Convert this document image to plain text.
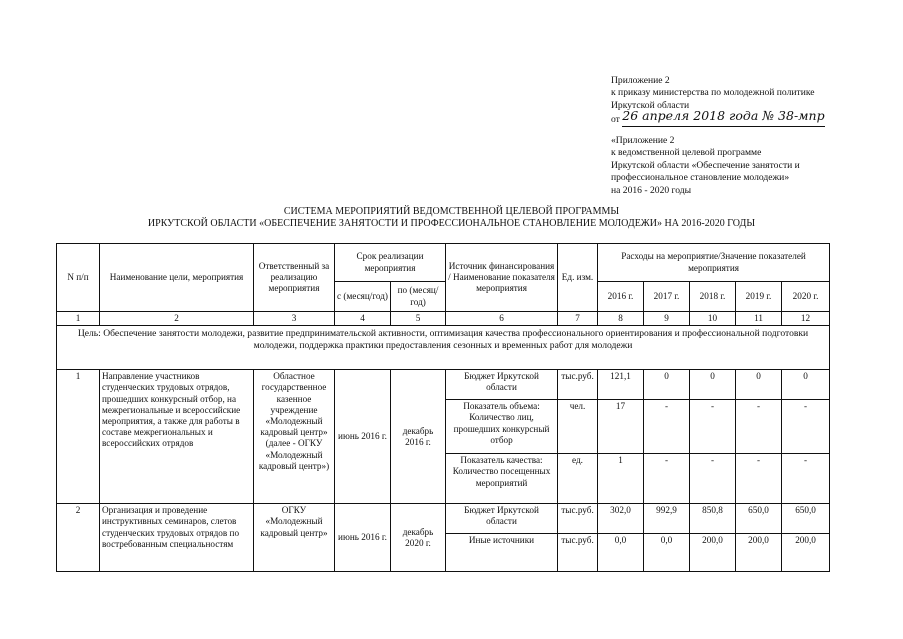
Приложение 2
к приказу министерства по молодежной политике
Иркутской области
от 26 апреля 2018 года № 38-мпр
«Приложение 2
к ведомственной целевой программе
Иркутской области «Обеспечение занятости и
профессиональное становление молодежи»
на 2016 - 2020 годы
СИСТЕМА МЕРОПРИЯТИЙ ВЕДОМСТВЕННОЙ ЦЕЛЕВОЙ ПРОГРАММЫ
ИРКУТСКОЙ ОБЛАСТИ «ОБЕСПЕЧЕНИЕ ЗАНЯТОСТИ И ПРОФЕССИОНАЛЬНОЕ СТАНОВЛЕНИЕ МОЛОДЕЖИ» НА 2016-2020 ГОДЫ
N п/п	Наименование цели, мероприятия	Ответственный за реализацию мероприятия	Срок реализации мероприятия		Источник финансирования / Наименование показателя мероприятия	Ед. изм.	Расходы на мероприятие/Значение показателей мероприятия				
			с (месяц/год)	по (месяц/год)			2016 г.	2017 г.	2018 г.	2019 г.	2020 г.
1	2	3	4	5	6	7	8	9	10	11	12
Цель: Обеспечение занятости молодежи, развитие предпринимательской активности, оптимизация качества профессионального ориентирования и профессиональной подготовки молодежи, поддержка практики предоставления сезонных и временных работ для молодежи											
1	Направление участников студенческих трудовых отрядов, прошедших конкурсный отбор, на межрегиональные и всероссийские мероприятия, а также для работы в составе межрегиональных и всероссийских отрядов	Областное государственное казенное учреждение «Молодежный кадровый центр» (далее - ОГКУ «Молодежный кадровый центр»)	июнь 2016 г.	декабрь 2016 г.	Бюджет Иркутской области	тыс.руб.	121,1	0	0	0	0
					Показатель объема: Количество лиц, прошедших конкурсный отбор	чел.	17	-	-	-	-
					Показатель качества: Количество посещенных мероприятий	ед.	1	-	-	-	-
2	Организация и проведение инструктивных семинаров, слетов студенческих трудовых отрядов по востребованным специальностям	ОГКУ «Молодежный кадровый центр»	июнь 2016 г.	декабрь 2020 г.	Бюджет Иркутской области	тыс.руб.	302,0	992,9	850,8	650,0	650,0
					Иные источники	тыс.руб.	0,0	0,0	200,0	200,0	200,0
